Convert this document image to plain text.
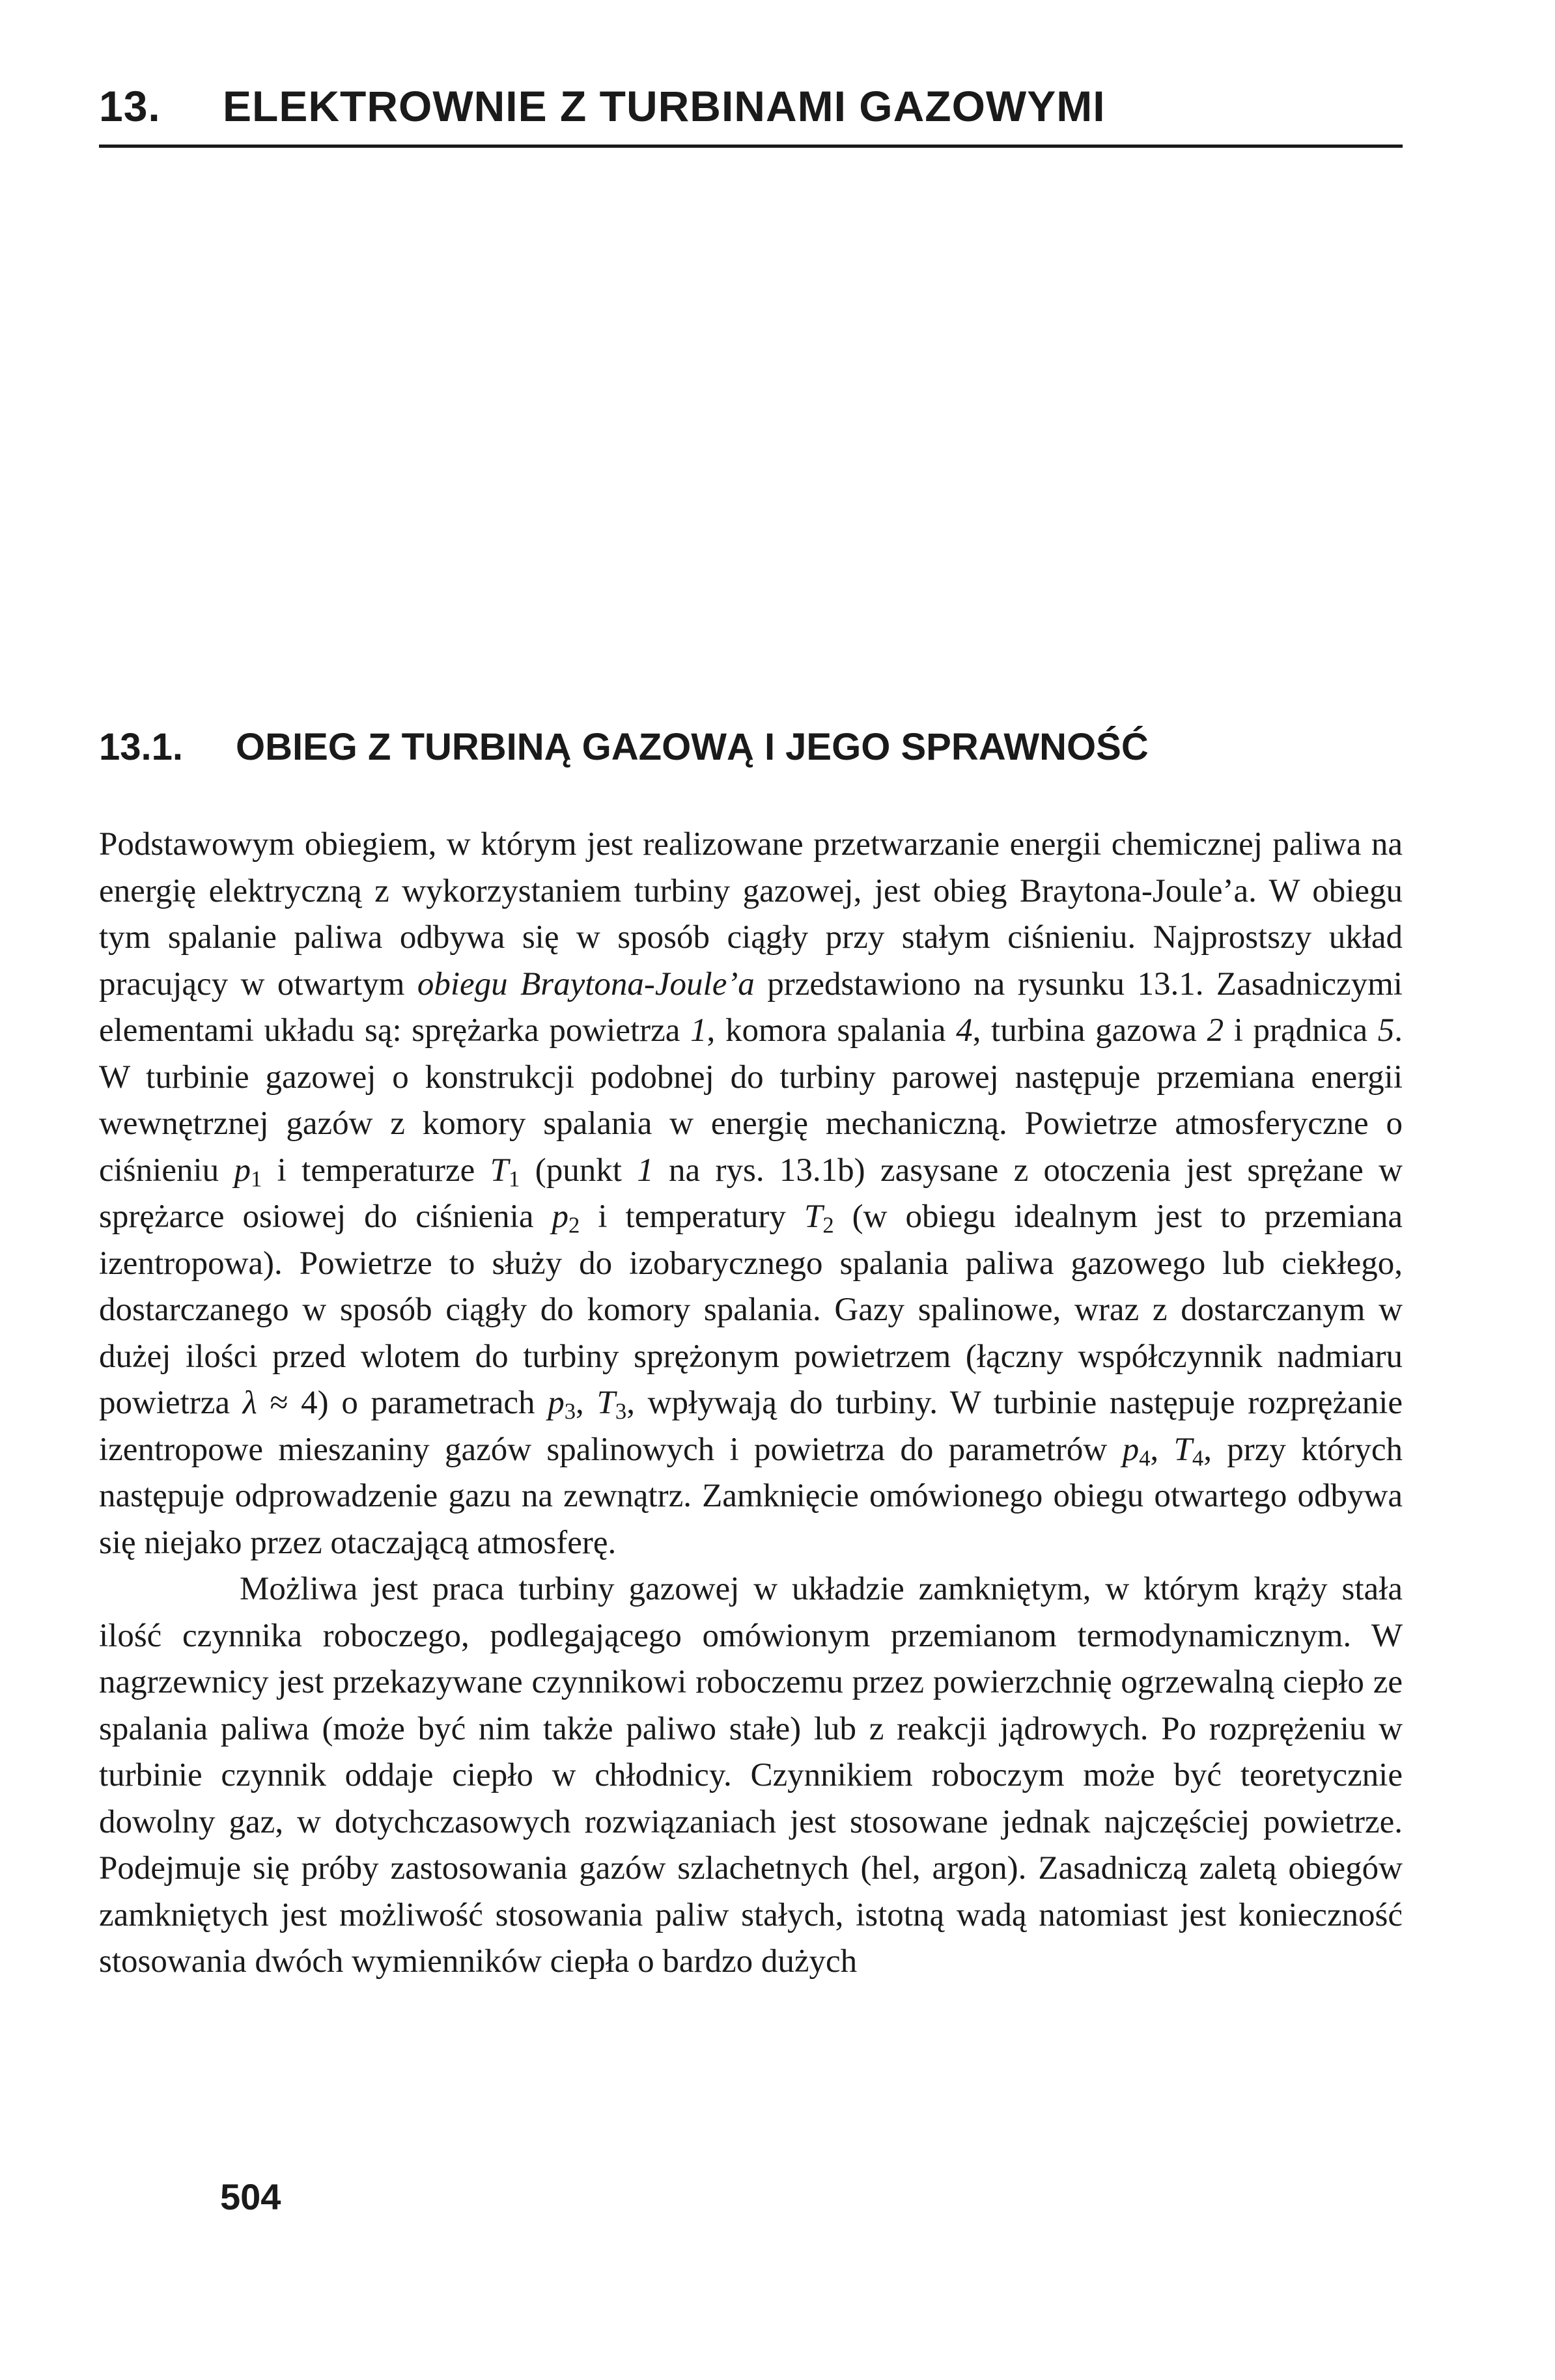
13. ELEKTROWNIE Z TURBINAMI GAZOWYMI
13.1. OBIEG Z TURBINĄ GAZOWĄ I JEGO SPRAWNOŚĆ

Podstawowym obiegiem, w którym jest realizowane przetwarzanie energii chemicznej paliwa na energię elektryczną z wykorzystaniem turbiny gazowej, jest obieg Braytona-Joule’a. W obiegu tym spalanie paliwa odbywa się w sposób ciągły przy stałym ciśnieniu. Najprostszy układ pracujący w otwartym obiegu Braytona-Joule’a przedstawiono na rysunku 13.1. Zasadniczymi elementami układu są: sprężarka powietrza 1, komora spalania 4, turbina gazowa 2 i prądnica 5. W turbinie gazowej o konstrukcji podobnej do turbiny parowej następuje przemiana energii wewnętrznej gazów z komory spalania w energię mechaniczną. Powietrze atmosferyczne o ciśnieniu $p_1$ i temperaturze $T_1$ (punkt 1 na rys. 13.1b) zasysane z otoczenia jest sprężane w sprężarce osiowej do ciśnienia $p_2$ i temperatury $T_2$ (w obiegu idealnym jest to przemiana izentropowa). Powietrze to służy do izobarycznego spalania paliwa gazowego lub ciekłego, dostarczanego w sposób ciągły do komory spalania. Gazy spalinowe, wraz z dostarczanym w dużej ilości przed wlotem do turbiny sprężonym powietrzem (łączny współczynnik nadmiaru powietrza λ ≈ 4) o parametrach $p_3$, $T_3$, wpływają do turbiny. W turbinie następuje rozprężanie izentropowe mieszaniny gazów spalinowych i powietrza do parametrów $p_4$, $T_4$, przy których następuje odprowadzenie gazu na zewnątrz. Zamknięcie omówionego obiegu otwartego odbywa się niejako przez otaczającą atmosferę.

Możliwa jest praca turbiny gazowej w układzie zamkniętym, w którym krąży stała ilość czynnika roboczego, podlegającego omówionym przemianom termodynamicznym. W nagrzewnicy jest przekazywane czynnikowi roboczemu przez powierzchnię ogrzewalną ciepło ze spalania paliwa (może być nim także paliwo stałe) lub z reakcji jądrowych. Po rozprężeniu w turbinie czynnik oddaje ciepło w chłodnicy. Czynnikiem roboczym może być teoretycznie dowolny gaz, w dotychczasowych rozwiązaniach jest stosowane jednak najczęściej powietrze. Podejmuje się próby zastosowania gazów szlachetnych (hel, argon). Zasadniczą zaletą obiegów zamkniętych jest możliwość stosowania paliw stałych, istotną wadą natomiast jest konieczność stosowania dwóch wymienników ciepła o bardzo dużych

504
